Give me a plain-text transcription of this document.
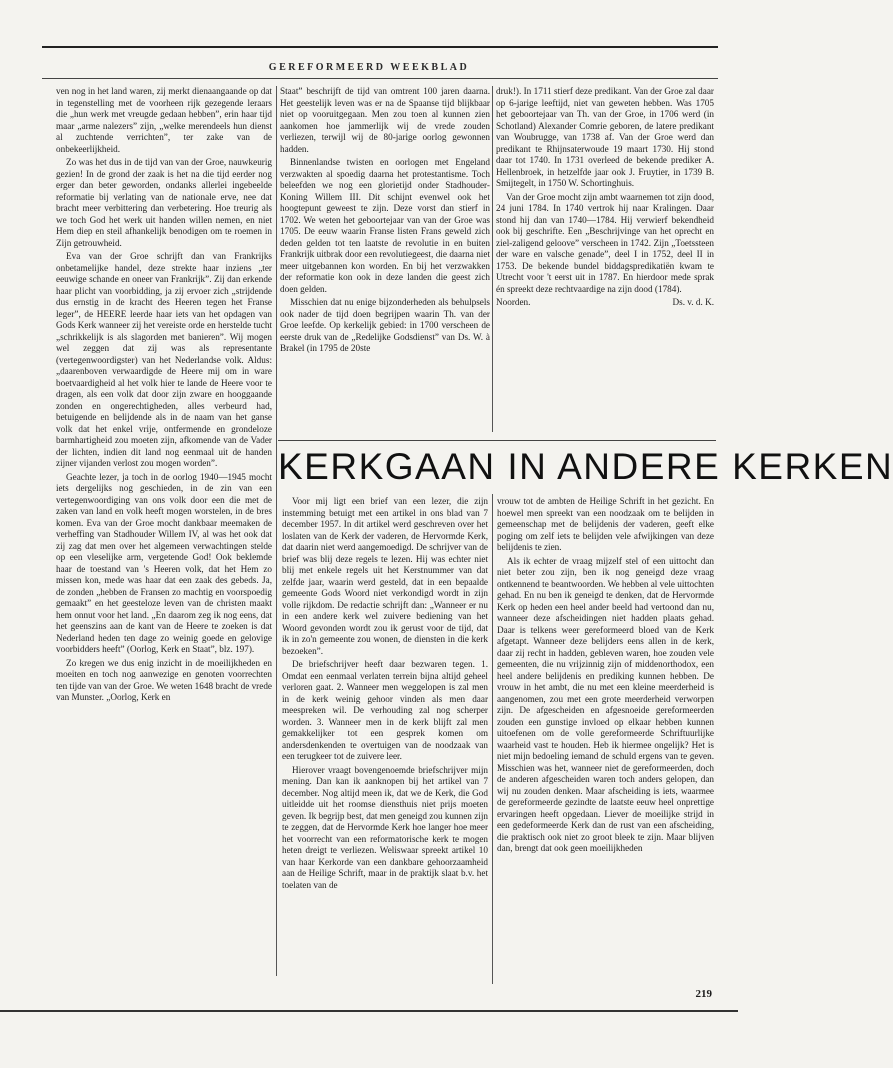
GEREFORMEERD WEEKBLAD

ven nog in het land waren, zij merkt dienaangaande op dat in tegenstelling met de voorheen rijk gezegende leraars die „hun werk met vreugde gedaan hebben”, erin haar tijd maar „arme nalezers” zijn, „welke merendeels hun dienst al zuchtende verrichten”, ter zake van de onbekeerlijkheid.

Zo was het dus in de tijd van van der Groe, nauwkeurig gezien! In de grond der zaak is het na die tijd eerder nog erger dan beter geworden, ondanks allerlei ingebeelde reformatie bij verlating van de nationale erve, nee dat bracht meer verbittering dan verbetering. Hoe treurig als we toch God het werk uit handen willen nemen, en niet Hem diep en steil afhankelijk benodigen om te roemen in Zijn getrouwheid.

Eva van der Groe schrijft dan van Frankrijks onbetamelijke handel, deze strekte haar inziens „ter eeuwige schande en oneer van Frankrijk”. Zij dan erkende haar plicht van voorbidding, ja zij ervoer zich „strijdende dus ernstig in de kracht des Heeren tegen het Franse leger”, de HEERE leerde haar iets van het opdagen van Gods Kerk wanneer zij het vereiste orde en herstelde tucht „schrikkelijk is als slagorden met banieren”. Wij mogen wel zeggen dat zij was als representante (vertegenwoordigster) van het Nederlandse volk. Aldus: „daarenboven verwaardigde de Heere mij om in ware boetvaardigheid al het volk hier te lande de Heere voor te dragen, als een volk dat door zijn zware en hooggaande zonden en ongerechtigheden, alles verbeurd had, betuigende en belijdende als in de naam van het ganse volk dat het enkel vrije, ontfermende en grondeloze barmhartigheid zou moeten zijn, afkomende van de Vader der lichten, indien dit land nog eenmaal uit de handen zijner vijanden verlost zou mogen worden”.

Geachte lezer, ja toch in de oorlog 1940—1945 mocht iets dergelijks nog geschieden, in de zin van een vertegenwoordiging van ons volk door een die met de zaken van land en volk heeft mogen worstelen, in de bres komen. Eva van der Groe mocht dankbaar meemaken de verheffing van Stadhouder Willem IV, al was het ook dat zij zag dat men over het algemeen verwachtingen stelde op een vleselijke arm, vergetende God! Ook beklemde haar de toestand van 's Heeren volk, dat het Hem zo missen kon, mede was haar dat een zaak des gebeds. Ja, de zonden „hebben de Fransen zo machtig en voorspoedig gemaakt” en het geesteloze leven van de christen maakt hem onnut voor het land. „En daarom zeg ik nog eens, dat het geenszins aan de kant van de Heere te zoeken is dat Nederland heden ten dage zo weinig goede en gelovige voorbidders heeft” (Oorlog, Kerk en Staat”, blz. 197).

Zo kregen we dus enig inzicht in de moeilijkheden en moeiten en toch nog aanwezige en genoten voorrechten ten tijde van van der Groe. We weten 1648 bracht de vrede van Munster. „Oorlog, Kerk en

Staat” beschrijft de tijd van omtrent 100 jaren daarna. Het geestelijk leven was er na de Spaanse tijd blijkbaar niet op vooruitgegaan. Men zou toen al kunnen zien aankomen hoe jammerlijk wij de vrede zouden verliezen, terwijl wij de 80-jarige oorlog gewonnen hadden.

Binnenlandse twisten en oorlogen met Engeland verzwakten al spoedig daarna het protestantisme. Toch beleefden we nog een glorietijd onder Stadhouder-Koning Willem III. Dit schijnt evenwel ook het hoogtepunt geweest te zijn. Deze vorst dan stierf in 1702. We weten het geboortejaar van van der Groe was 1705. De eeuw waarin Franse listen Frans geweld zich deden gelden tot ten laatste de revolutie in en buiten Frankrijk uitbrak door een revolutiegeest, die daarna niet meer uitgebannen kon worden. En bij het verzwakken der reformatie kon ook in deze landen die geest zich doen gelden.

Misschien dat nu enige bijzonderheden als behulpsels ook nader de tijd doen begrijpen waarin Th. van der Groe leefde. Op kerkelijk gebied: in 1700 verscheen de eerste druk van de „Redelijke Godsdienst” van Ds. W. à Brakel (in 1795 de 20ste

druk!). In 1711 stierf deze predikant. Van der Groe zal daar op 6-jarige leeftijd, niet van geweten hebben. Was 1705 het geboortejaar van Th. van der Groe, in 1706 werd (in Schotland) Alexander Comrie geboren, de latere predikant van Woubrugge, van 1738 af. Van der Groe werd dan predikant te Rhijnsaterwoude 19 maart 1730. Hij stond daar tot 1740. In 1731 overleed de bekende prediker A. Hellenbroek, in hetzelfde jaar ook J. Fruytier, in 1739 B. Smijtegelt, in 1750 W. Schortinghuis.

Van der Groe mocht zijn ambt waarnemen tot zijn dood, 24 juni 1784. In 1740 vertrok hij naar Kralingen. Daar stond hij dan van 1740—1784. Hij verwierf bekendheid ook bij geschrifte. Een „Beschrijvinge van het oprecht en ziel-zaligend geloove” verscheen in 1742. Zijn „Toetssteen der ware en valsche genade”, deel I in 1752, deel II in 1753. De bekende bundel biddagspredikatiën kwam te Utrecht voor 't eerst uit in 1787. En hierdoor mede sprak én spreekt deze rechtvaardige na zijn dood (1784).

Noorden.	Ds. v. d. K.
KERKGAAN IN ANDERE KERKEN

Voor mij ligt een brief van een lezer, die zijn instemming betuigt met een artikel in ons blad van 7 december 1957. In dit artikel werd geschreven over het loslaten van de Kerk der vaderen, de Hervormde Kerk, dat daarin niet werd aangemoedigd. De schrijver van de brief was blij deze regels te lezen. Hij was echter niet blij met enkele regels uit het Kerstnummer van dat zelfde jaar, waarin werd gesteld, dat in een bepaalde gemeente Gods Woord niet verkondigd wordt in zijn volle rijkdom. De redactie schrijft dan: „Wanneer er nu in een andere kerk wel zuivere bediening van het Woord gevonden wordt zou ik gerust voor de tijd, dat ik in zo'n gemeente zou wonen, de diensten in die kerk bezoeken”.

De briefschrijver heeft daar bezwaren tegen. 1. Omdat een eenmaal verlaten terrein bijna altijd geheel verloren gaat. 2. Wanneer men weggelopen is zal men in de kerk weinig gehoor vinden als men daar meespreken wil. De verhouding zal nog scherper worden. 3. Wanneer men in de kerk blijft zal men gemakkelijker tot een gesprek komen om andersdenkenden te overtuigen van de noodzaak van een terugkeer tot de zuivere leer.

Hierover vraagt bovengenoemde briefschrijver mijn mening. Dan kan ik aanknopen bij het artikel van 7 december. Nog altijd meen ik, dat we de Kerk, die God uitleidde uit het roomse diensthuis niet prijs moeten geven. Ik begrijp best, dat men geneigd zou kunnen zijn te zeggen, dat de Hervormde Kerk hoe langer hoe meer het voorrecht van een reformatorische kerk te mogen heten dreigt te verliezen. Weliswaar spreekt artikel 10 van haar Kerkorde van een dankbare gehoorzaamheid aan de Heilige Schrift, maar in de praktijk slaat b.v. het toelaten van de

vrouw tot de ambten de Heilige Schrift in het gezicht. En hoewel men spreekt van een noodzaak om te belijden in gemeenschap met de belijdenis der vaderen, geeft elke poging om zelf iets te belijden vele afwijkingen van deze belijdenis te zien.

Als ik echter de vraag mijzelf stel of een uittocht dan niet beter zou zijn, ben ik nog geneigd deze vraag ontkennend te beantwoorden. We hebben al vele uittochten gehad. En nu ben ik geneigd te denken, dat de Hervormde Kerk op heden een heel ander beeld had vertoond dan nu, wanneer deze afscheidingen niet hadden plaats gehad. Daar is telkens weer gereformeerd bloed van de Kerk afgetapt. Wanneer deze belijders eens allen in de kerk, daar zij recht in hadden, gebleven waren, hoe zouden vele gemeenten, die nu vrijzinnig zijn of middenorthodox, een heel andere belijdenis en prediking kunnen hebben. De vrouw in het ambt, die nu met een kleine meerderheid is aangenomen, zou met een grote meerderheid verworpen zijn. De afgescheiden en afgesnoeide gereformeerden zouden een gunstige invloed op elkaar hebben kunnen uitoefenen om de volle gereformeerde Schriftuurlijke waarheid vast te houden. Heb ik hiermee ongelijk? Het is niet mijn bedoeling iemand de schuld ergens van te geven. Misschien was het, wanneer niet de gereformeerden, doch de anderen afgescheiden waren toch anders gelopen, dan wij nu zouden denken. Maar afscheiding is iets, waarmee de gereformeerde gezindte de laatste eeuw heel onprettige ervaringen heeft opgedaan. Liever de moeilijke strijd in een gedeformeerde Kerk dan de rust van een afscheiding, die praktisch ook niet zo groot bleek te zijn. Maar blijven dan, brengt dat ook geen moeilijkheden

219
